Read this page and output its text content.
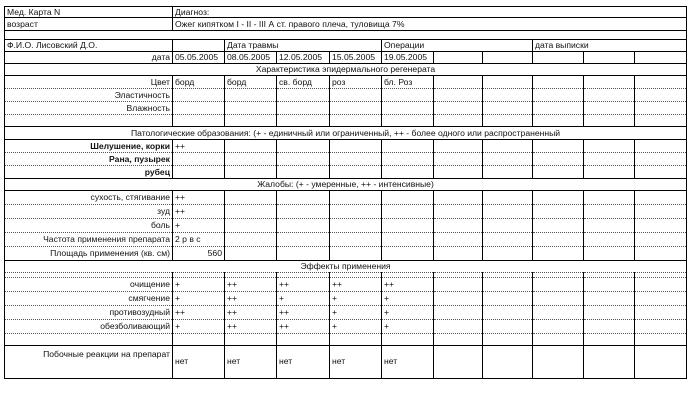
Мед. Карта N	Диагноз:									
возраст	Ожег кипятком I - II - III А ст. правого плеча, туловища 7%									

Ф.И.О. Лисовский Д.О.		Дата травмы			Операции			дата выписки		
дата	05.05.2005	08.05.2005	12.05.2005	15.05.2005	19.05.2005					
Характеристика эпидермального регенерата										
Цвет	борд	борд	св. борд	роз	бл. Роз					
Эластичность										
Влажность										

Патологические образования: (+ - единичный или ограниченный, ++ - более одного или распространенный										
Шелушение, корки	++									
Рана, пузырек										
рубец										
Жалобы: (+ - умеренные, ++ - интенсивные)										
сухость, стягивание	++									
зуд	++									
боль	+									
Частота применения препарата	2 р в с									
Площадь применения (кв. см)	560									
Эффекты применения										

очищение	+	++	++	++	++					
смягчение	+	++	+	+	+					
противозудный	++	++	++	+	+					
обезболивающий	+	++	++	+	+					

Побочные реакции на препарат	нет	нет	нет	нет	нет					
